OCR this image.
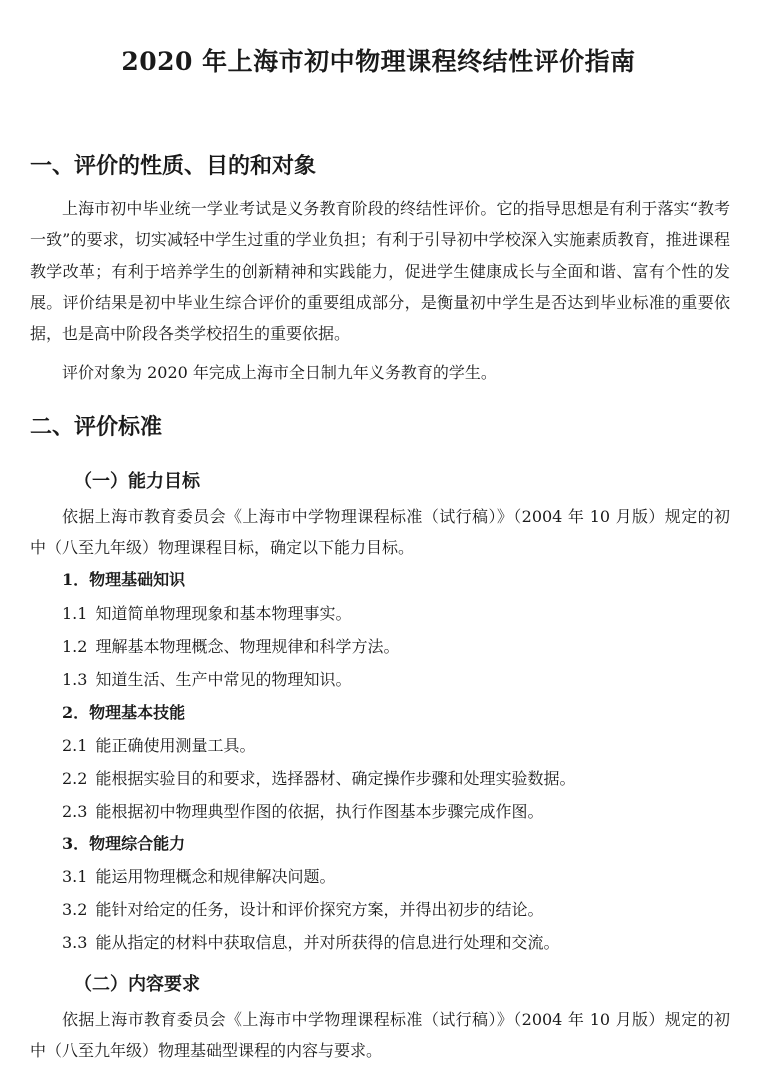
2020 年上海市初中物理课程终结性评价指南
一、评价的性质、目的和对象
上海市初中毕业统一学业考试是义务教育阶段的终结性评价。它的指导思想是有利于落实“教考一致”的要求，切实减轻中学生过重的学业负担；有利于引导初中学校深入实施素质教育，推进课程教学改革；有利于培养学生的创新精神和实践能力，促进学生健康成长与全面和谐、富有个性的发展。评价结果是初中毕业生综合评价的重要组成部分，是衡量初中学生是否达到毕业标准的重要依据，也是高中阶段各类学校招生的重要依据。
评价对象为 2020 年完成上海市全日制九年义务教育的学生。
二、评价标准
（一）能力目标
依据上海市教育委员会《上海市中学物理课程标准（试行稿）》（2004 年 10 月版）规定的初中（八至九年级）物理课程目标，确定以下能力目标。
1．物理基础知识
1.1 知道简单物理现象和基本物理事实。
1.2 理解基本物理概念、物理规律和科学方法。
1.3 知道生活、生产中常见的物理知识。
2．物理基本技能
2.1 能正确使用测量工具。
2.2 能根据实验目的和要求，选择器材、确定操作步骤和处理实验数据。
2.3 能根据初中物理典型作图的依据，执行作图基本步骤完成作图。
3．物理综合能力
3.1 能运用物理概念和规律解决问题。
3.2 能针对给定的任务，设计和评价探究方案，并得出初步的结论。
3.3 能从指定的材料中获取信息，并对所获得的信息进行处理和交流。
（二）内容要求
依据上海市教育委员会《上海市中学物理课程标准（试行稿）》（2004 年 10 月版）规定的初中（八至九年级）物理基础型课程的内容与要求。
